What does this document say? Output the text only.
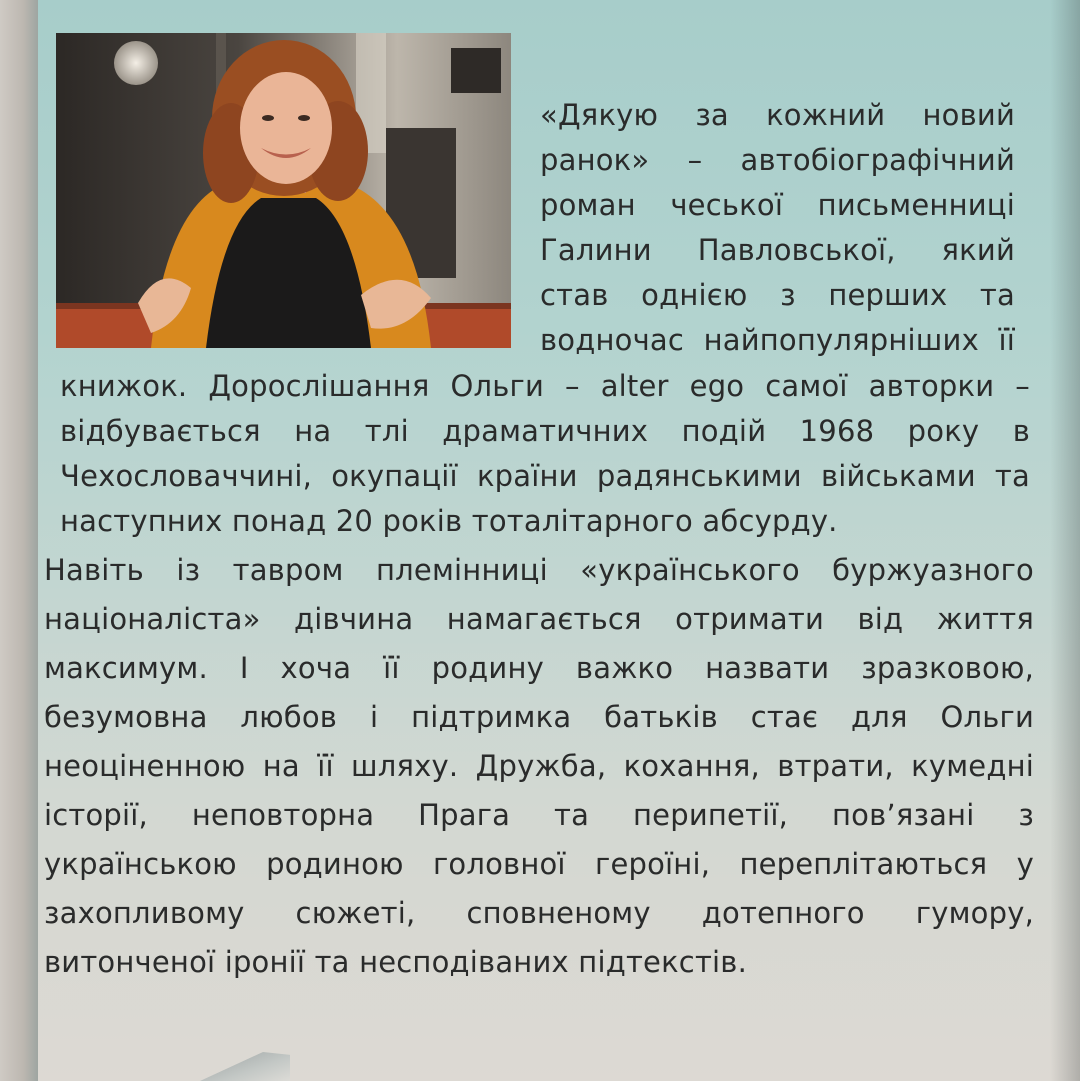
«Дякую за кожний новий
ранок» – автобіографічний
роман чеської письменниці
Галини Павловської, який
став однією з перших та
водночас найпопулярніших її
книжок. Дорослішання Ольги – alter ego самої авторки –
відбувається на тлі драматичних подій 1968 року в
Чехословаччині, окупації країни радянськими військами та
наступних понад 20 років тоталітарного абсурду.
Навіть із тавром племінниці «українського буржуазного
націоналіста» дівчина намагається отримати від життя
максимум. І хоча її родину важко назвати зразковою,
безумовна любов і підтримка батьків стає для Ольги
неоціненною на її шляху. Дружба, кохання, втрати, кумедні
історії, неповторна Прага та перипетії, пов’язані з
українською родиною головної героїні, переплітаються у
захопливому сюжеті, сповненому дотепного гумору,
витонченої іронії та несподіваних підтекстів.
